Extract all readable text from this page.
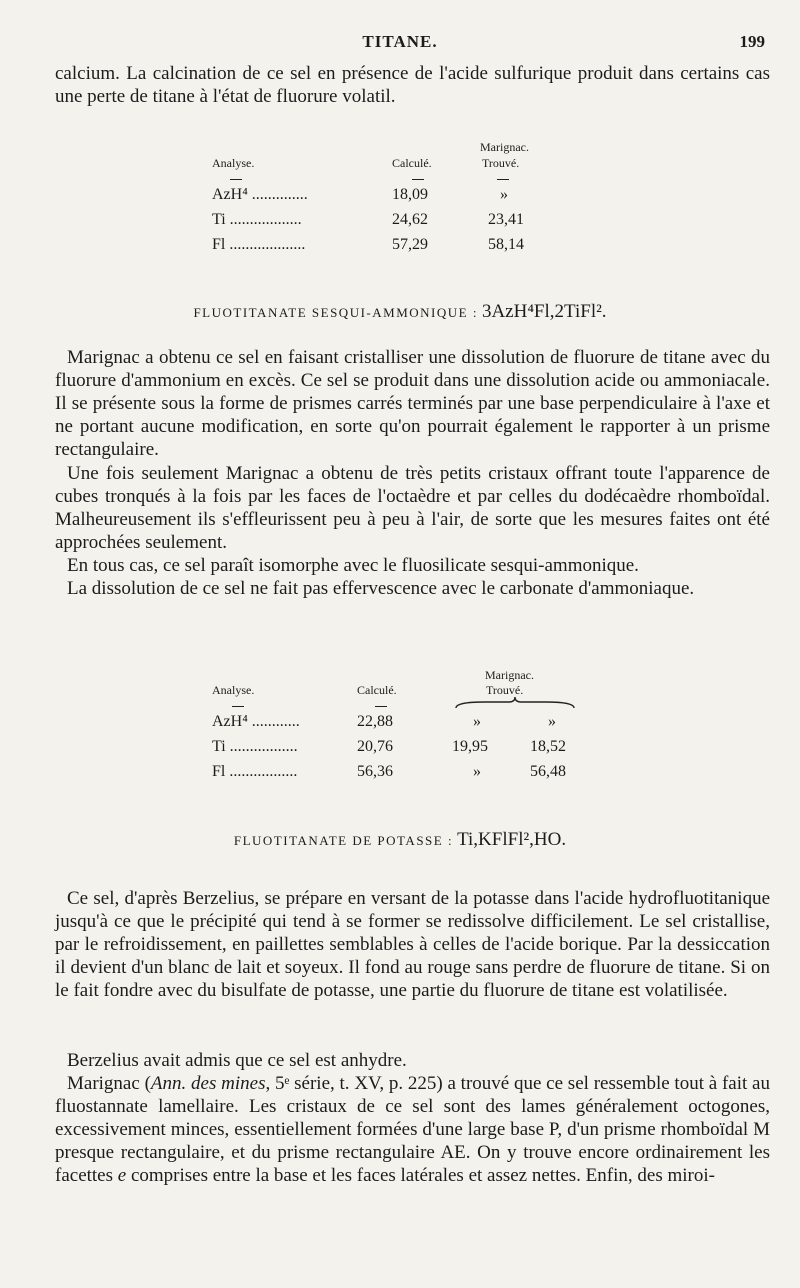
TITANE.	199

calcium. La calcination de ce sel en présence de l'acide sulfurique produit dans certains cas une perte de titane à l'état de fluorure volatil.

Marignac.
Analyse.	Calculé.	Trouvé.
AzH⁴ ..............	18,09	»
Ti ..................	24,62	23,41
Fl ...................	57,29	58,14
FLUOTITANATE SESQUI-AMMONIQUE : 3AzH⁴Fl,2TiFl².

Marignac a obtenu ce sel en faisant cristalliser une dissolution de fluorure de titane avec du fluorure d'ammonium en excès. Ce sel se produit dans une dissolution acide ou ammoniacale. Il se présente sous la forme de prismes carrés terminés par une base perpendiculaire à l'axe et ne portant aucune modification, en sorte qu'on pourrait également le rapporter à un prisme rectangulaire.

Une fois seulement Marignac a obtenu de très petits cristaux offrant toute l'apparence de cubes tronqués à la fois par les faces de l'octaèdre et par celles du dodécaèdre rhomboïdal. Malheureusement ils s'effleurissent peu à peu à l'air, de sorte que les mesures faites ont été approchées seulement.

En tous cas, ce sel paraît isomorphe avec le fluosilicate sesqui-ammonique.

La dissolution de ce sel ne fait pas effervescence avec le carbonate d'ammoniaque.

Marignac.
Analyse.	Calculé.	Trouvé.
AzH⁴ ............	22,88	»	»
Ti .................	20,76	19,95	18,52
Fl .................	56,36	»	56,48
FLUOTITANATE DE POTASSE : Ti,KFlFl²,HO.

Ce sel, d'après Berzelius, se prépare en versant de la potasse dans l'acide hydrofluotitanique jusqu'à ce que le précipité qui tend à se former se redissolve difficilement. Le sel cristallise, par le refroidissement, en paillettes semblables à celles de l'acide borique. Par la dessiccation il devient d'un blanc de lait et soyeux. Il fond au rouge sans perdre de fluorure de titane. Si on le fait fondre avec du bisulfate de potasse, une partie du fluorure de titane est volatilisée.

Berzelius avait admis que ce sel est anhydre.

Marignac (Ann. des mines, 5ᵉ série, t. XV, p. 225) a trouvé que ce sel ressemble tout à fait au fluostannate lamellaire. Les cristaux de ce sel sont des lames généralement octogones, excessivement minces, essentiellement formées d'une large base P, d'un prisme rhomboïdal M presque rectangulaire, et du prisme rectangulaire AE. On y trouve encore ordinairement les facettes e comprises entre la base et les faces latérales et assez nettes. Enfin, des miroi-
